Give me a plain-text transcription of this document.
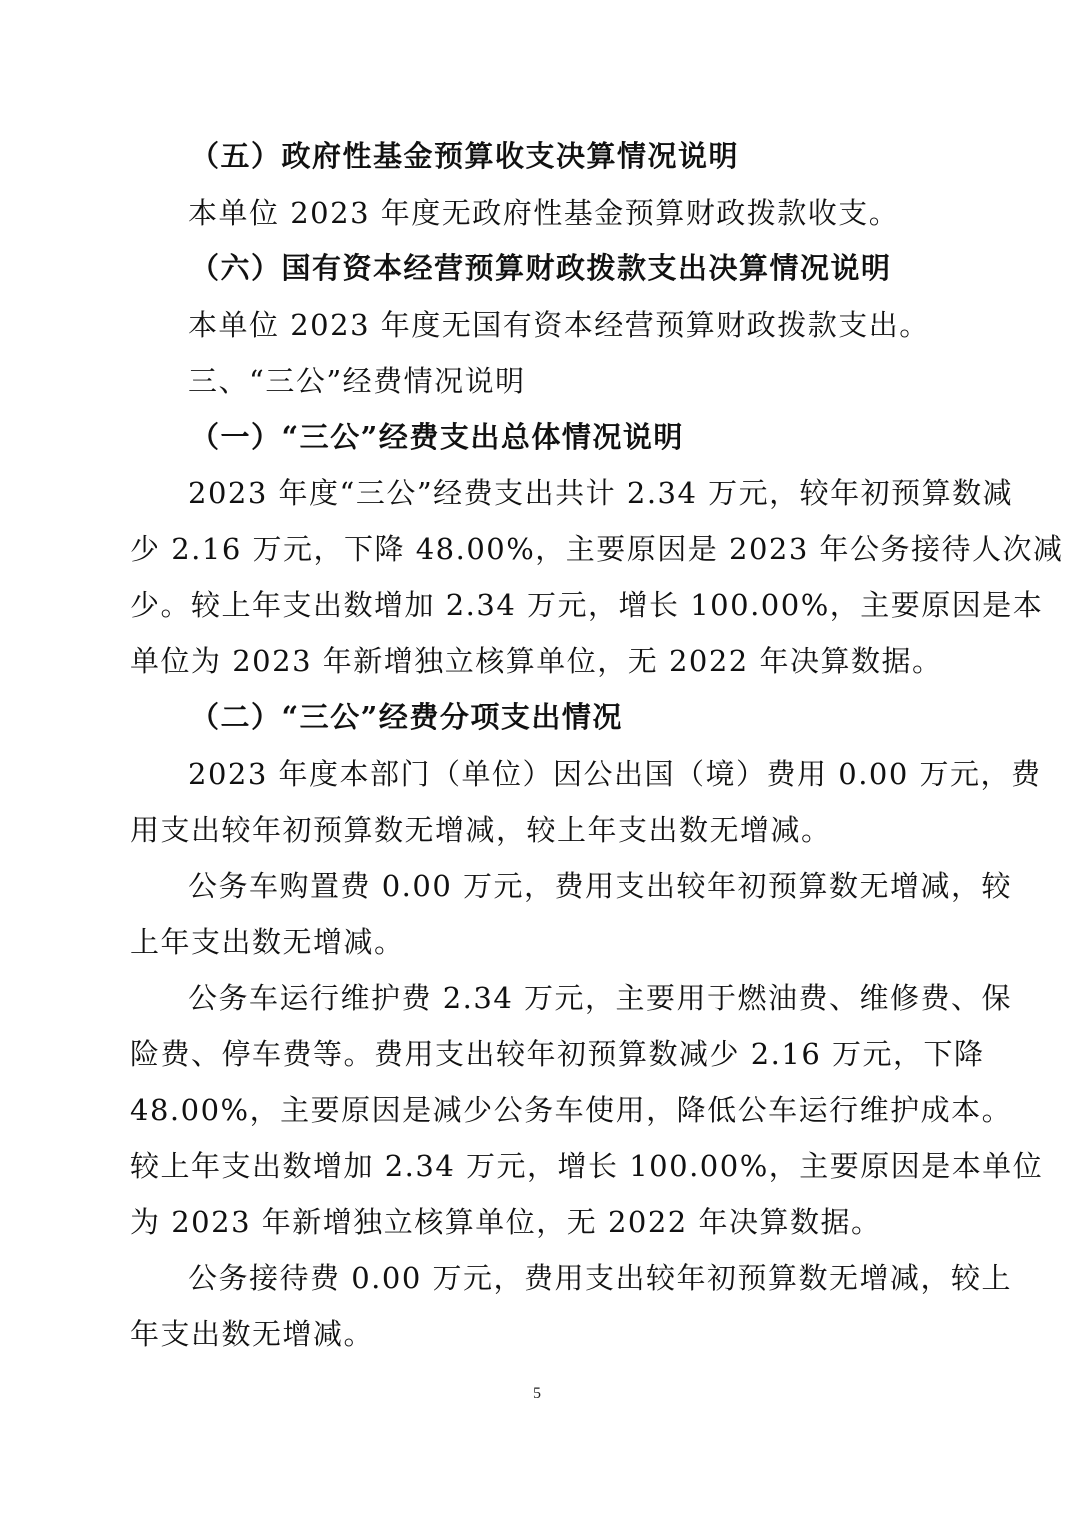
（五）政府性基金预算收支决算情况说明
本单位 2023 年度无政府性基金预算财政拨款收支。
（六）国有资本经营预算财政拨款支出决算情况说明
本单位 2023 年度无国有资本经营预算财政拨款支出。
三、“三公”经费情况说明
（一）“三公”经费支出总体情况说明
2023 年度“三公”经费支出共计 2.34 万元，较年初预算数减
少 2.16 万元，下降 48.00%，主要原因是 2023 年公务接待人次减
少。较上年支出数增加 2.34 万元，增长 100.00%，主要原因是本
单位为 2023 年新增独立核算单位，无 2022 年决算数据。
（二）“三公”经费分项支出情况
2023 年度本部门（单位）因公出国（境）费用 0.00 万元，费
用支出较年初预算数无增减，较上年支出数无增减。
公务车购置费 0.00 万元，费用支出较年初预算数无增减，较
上年支出数无增减。
公务车运行维护费 2.34 万元，主要用于燃油费、维修费、保
险费、停车费等。费用支出较年初预算数减少 2.16 万元，下降
48.00%，主要原因是减少公务车使用，降低公车运行维护成本。
较上年支出数增加 2.34 万元，增长 100.00%，主要原因是本单位
为 2023 年新增独立核算单位，无 2022 年决算数据。
公务接待费 0.00 万元，费用支出较年初预算数无增减，较上
年支出数无增减。
5
